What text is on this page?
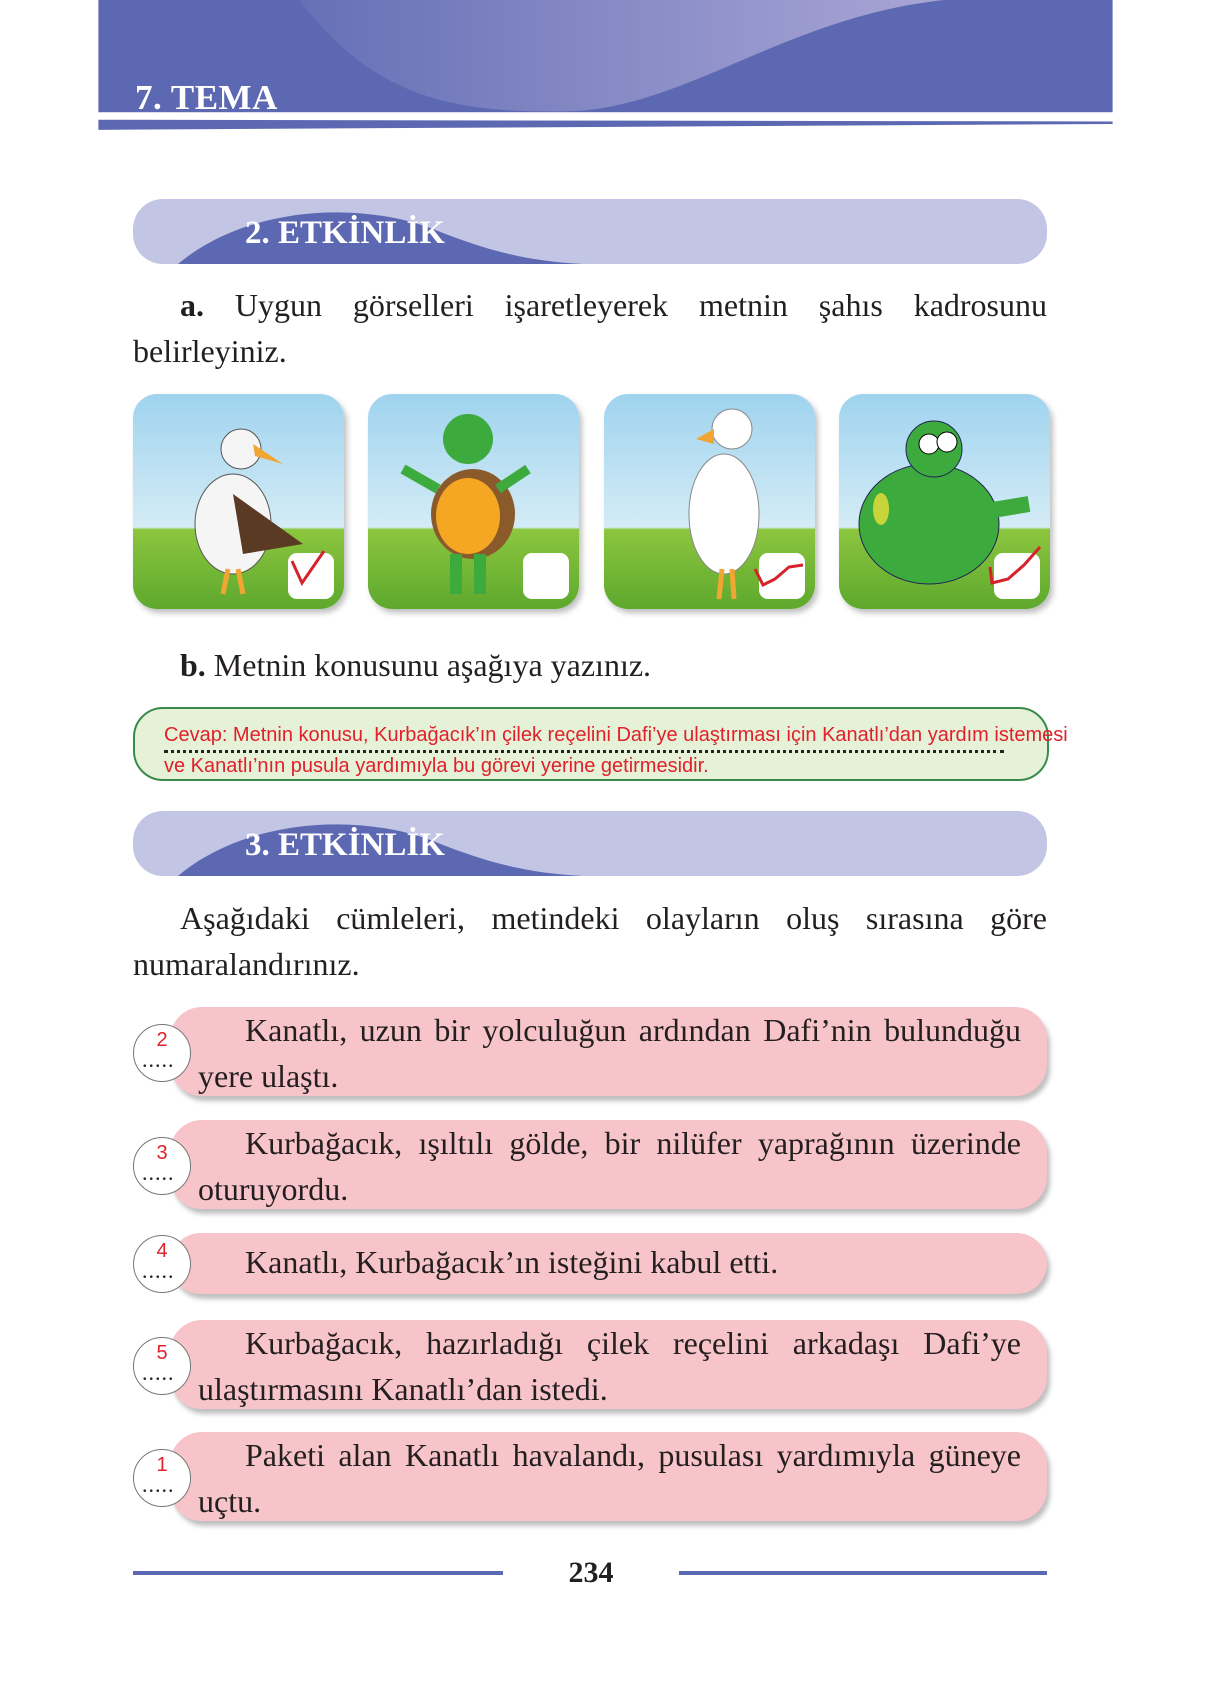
7. TEMA
2. ETKİNLİK
a. Uygun görselleri işaretleyerek metnin şahıs kadrosunu belirleyiniz.
b. Metnin konusunu aşağıya yazınız.
Cevap: Metnin konusu, Kurbağacık’ın çilek reçelini Dafi’ye ulaştırması için Kanatlı’dan yardım istemesi
ve Kanatlı’nın pusula yardımıyla bu görevi yerine getirmesidir.
3. ETKİNLİK
Aşağıdaki cümleleri, metindeki olayların oluş sırasına göre numaralandırınız.
Kanatlı, uzun bir yolculuğun ardından Dafi’nin bulunduğu yere ulaştı.
.....
2
Kurbağacık, ışıltılı gölde, bir nilüfer yaprağının üzerinde oturuyordu.
.....
3
Kanatlı, Kurbağacık’ın isteğini kabul etti.
.....
4
Kurbağacık, hazırladığı çilek reçelini arkadaşı Dafi’ye ulaştırmasını Kanatlı’dan istedi.
.....
5
Paketi alan Kanatlı havalandı, pusulası yardımıyla güneye uçtu.
.....
1
234
